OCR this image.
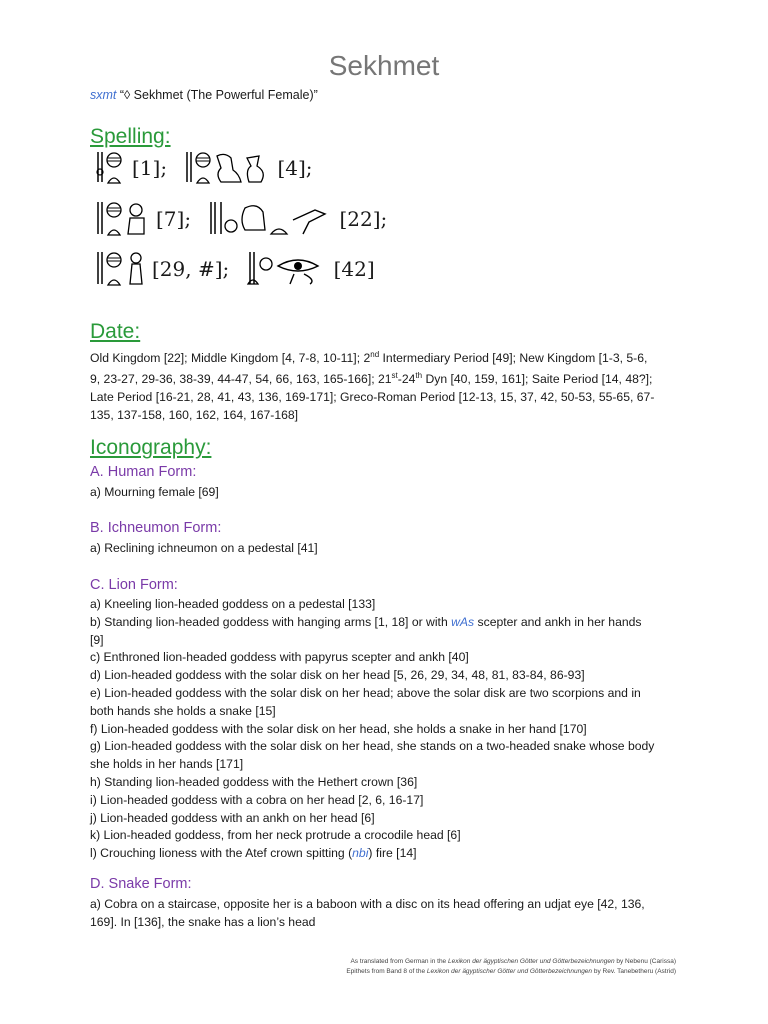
Sekhmet
sxmt “◊ Sekhmet (The Powerful Female)”
Spelling:
[1];	[4];
[7];	[22];
[29, #];	[42]
Date:
Old Kingdom [22]; Middle Kingdom [4, 7-8, 10-11]; 2nd Intermediary Period [49]; New Kingdom [1-3, 5-6,
9, 23-27, 29-36, 38-39, 44-47, 54, 66, 163, 165-166]; 21st-24th Dyn [40, 159, 161]; Saite Period [14, 48?];
Late Period [16-21, 28, 41, 43, 136, 169-171]; Greco-Roman Period [12-13, 15, 37, 42, 50-53, 55-65, 67-
135, 137-158, 160, 162, 164, 167-168]
Iconography:
A. Human Form:
a) Mourning female [69]
B. Ichneumon Form:
a) Reclining ichneumon on a pedestal [41]
C. Lion Form:
a) Kneeling lion-headed goddess on a pedestal [133]
b) Standing lion-headed goddess with hanging arms [1, 18] or with wAs scepter and ankh in her hands
[9]
c) Enthroned lion-headed goddess with papyrus scepter and ankh [40]
d) Lion-headed goddess with the solar disk on her head [5, 26, 29, 34, 48, 81, 83-84, 86-93]
e) Lion-headed goddess with the solar disk on her head; above the solar disk are two scorpions and in
both hands she holds a snake [15]
f) Lion-headed goddess with the solar disk on her head, she holds a snake in her hand [170]
g) Lion-headed goddess with the solar disk on her head, she stands on a two-headed snake whose body
she holds in her hands [171]
h) Standing lion-headed goddess with the Hethert crown [36]
i) Lion-headed goddess with a cobra on her head [2, 6, 16-17]
j) Lion-headed goddess with an ankh on her head [6]
k) Lion-headed goddess, from her neck protrude a crocodile head [6]
l) Crouching lioness with the Atef crown spitting (nbi) fire [14]
D. Snake Form:
a) Cobra on a staircase, opposite her is a baboon with a disc on its head offering an udjat eye [42, 136,
169]. In [136], the snake has a lion’s head
As translated from German in the Lexikon der ägyptischen Götter und Götterbezeichnungen by Nebenu (Carissa)
Epithets from Band 8 of the Lexikon der ägyptischer Götter und Götterbezeichnungen by Rev. Tanebetheru (Astrid)
